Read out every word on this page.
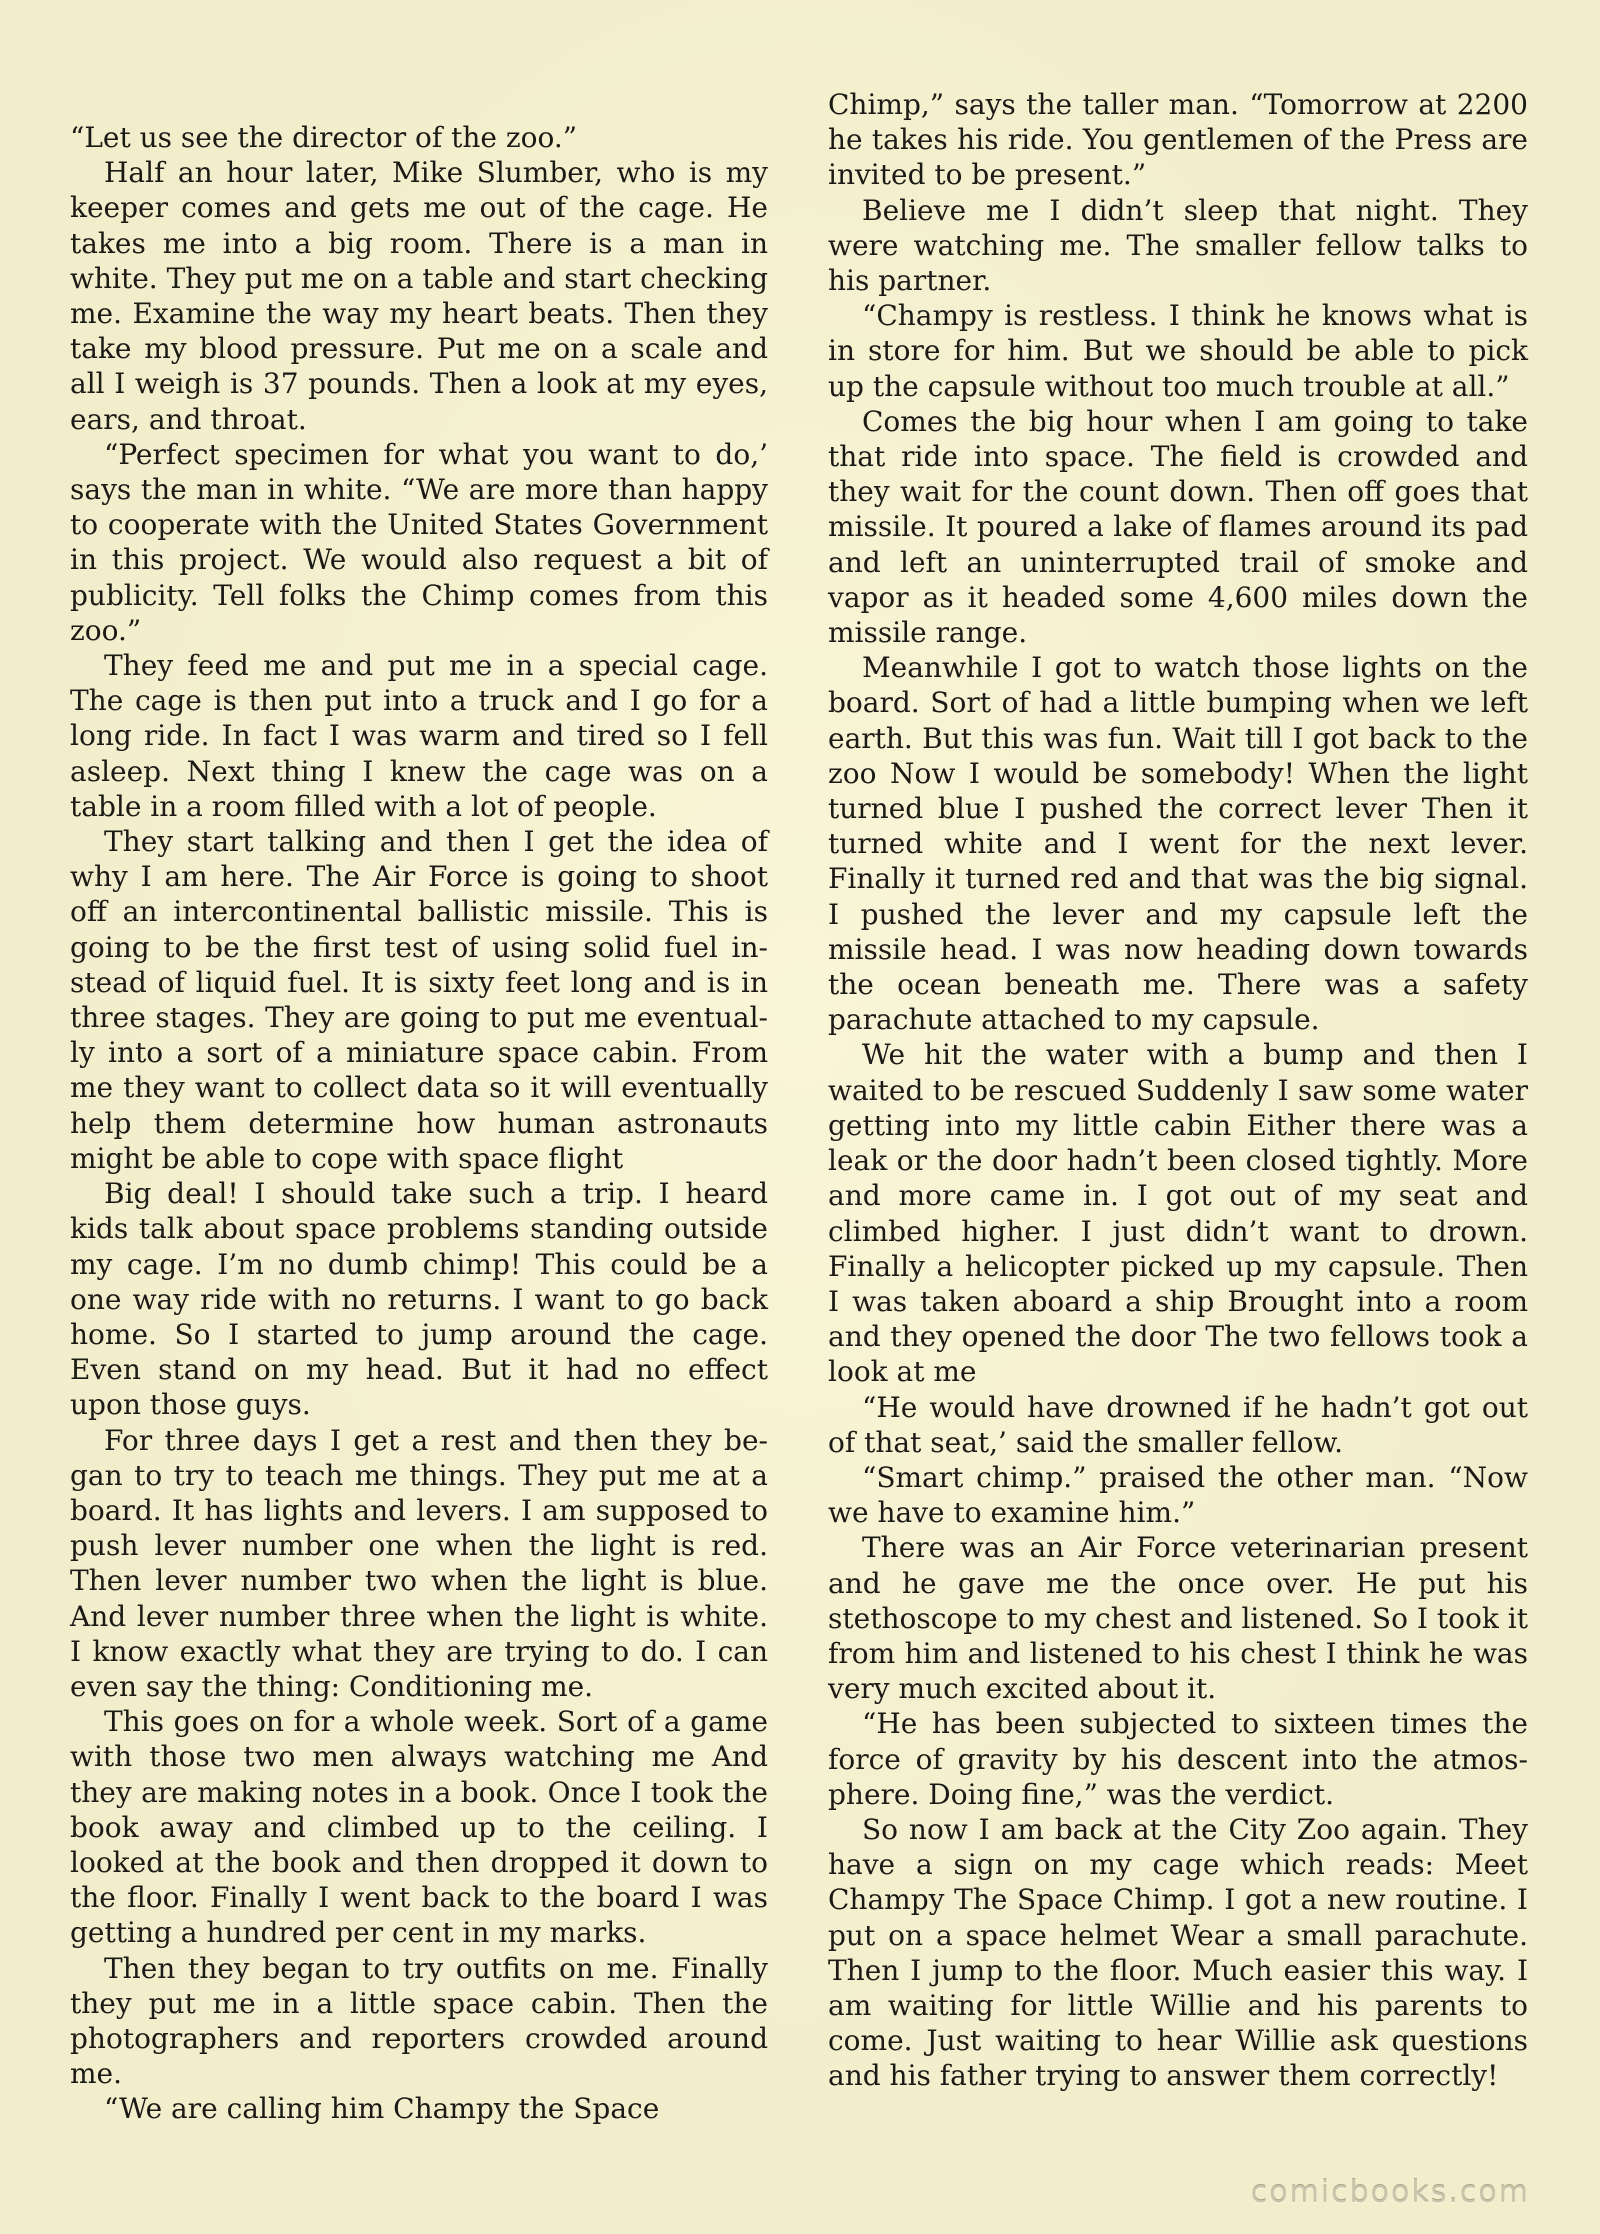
“Let us see the director of the zoo.”

Half an hour later, Mike Slumber, who is my keeper comes and gets me out of the cage. He takes me into a big room. There is a man in white. They put me on a table and start checking me. Examine the way my heart beats. Then they take my blood pressure. Put me on a scale and all I weigh is 37 pounds. Then a look at my eyes, ears, and throat.

“Perfect specimen for what you want to do,’ says the man in white. “We are more than happy to cooperate with the United States Government in this project. We would also request a bit of publicity. Tell folks the Chimp comes from this zoo.”

They feed me and put me in a special cage. The cage is then put into a truck and I go for a long ride. In fact I was warm and tired so I fell asleep. Next thing I knew the cage was on a table in a room filled with a lot of people.

They start talking and then I get the idea of why I am here. The Air Force is going to shoot off an intercontinental ballistic missile. This is going to be the first test of using solid fuel instead of liquid fuel. It is sixty feet long and is in three stages. They are going to put me eventually into a sort of a miniature space cabin. From me they want to collect data so it will eventually help them determine how human astronauts might be able to cope with space flight

Big deal! I should take such a trip. I heard kids talk about space problems standing outside my cage. I’m no dumb chimp! This could be a one way ride with no returns. I want to go back home. So I started to jump around the cage. Even stand on my head. But it had no effect upon those guys.

For three days I get a rest and then they began to try to teach me things. They put me at a board. It has lights and levers. I am supposed to push lever number one when the light is red. Then lever number two when the light is blue. And lever number three when the light is white. I know exactly what they are trying to do. I can even say the thing: Conditioning me.

This goes on for a whole week. Sort of a game with those two men always watching me And they are making notes in a book. Once I took the book away and climbed up to the ceiling. I looked at the book and then dropped it down to the floor. Finally I went back to the board I was getting a hundred per cent in my marks.

Then they began to try outfits on me. Finally they put me in a little space cabin. Then the photographers and reporters crowded around me.

“We are calling him Champy the Space

Chimp,” says the taller man. “Tomorrow at 2200 he takes his ride. You gentlemen of the Press are invited to be present.”

Believe me I didn’t sleep that night. They were watching me. The smaller fellow talks to his partner.

“Champy is restless. I think he knows what is in store for him. But we should be able to pick up the capsule without too much trouble at all.”

Comes the big hour when I am going to take that ride into space. The field is crowded and they wait for the count down. Then off goes that missile. It poured a lake of flames around its pad and left an uninterrupted trail of smoke and vapor as it headed some 4,600 miles down the missile range.

Meanwhile I got to watch those lights on the board. Sort of had a little bumping when we left earth. But this was fun. Wait till I got back to the zoo Now I would be somebody! When the light turned blue I pushed the correct lever Then it turned white and I went for the next lever. Finally it turned red and that was the big signal. I pushed the lever and my capsule left the missile head. I was now heading down towards the ocean beneath me. There was a safety parachute attached to my capsule.

We hit the water with a bump and then I waited to be rescued Suddenly I saw some water getting into my little cabin Either there was a leak or the door hadn’t been closed tightly. More and more came in. I got out of my seat and climbed higher. I just didn’t want to drown. Finally a helicopter picked up my capsule. Then I was taken aboard a ship Brought into a room and they opened the door The two fellows took a look at me

“He would have drowned if he hadn’t got out of that seat,’ said the smaller fellow.

“Smart chimp.” praised the other man. “Now we have to examine him.”

There was an Air Force veterinarian present and he gave me the once over. He put his stethoscope to my chest and listened. So I took it from him and listened to his chest I think he was very much excited about it.

“He has been subjected to sixteen times the force of gravity by his descent into the atmosphere. Doing fine,” was the verdict.

So now I am back at the City Zoo again. They have a sign on my cage which reads: Meet Champy The Space Chimp. I got a new routine. I put on a space helmet Wear a small parachute. Then I jump to the floor. Much easier this way. I am waiting for little Willie and his parents to come. Just waiting to hear Willie ask questions and his father trying to answer them correctly!

comicbooks.com
